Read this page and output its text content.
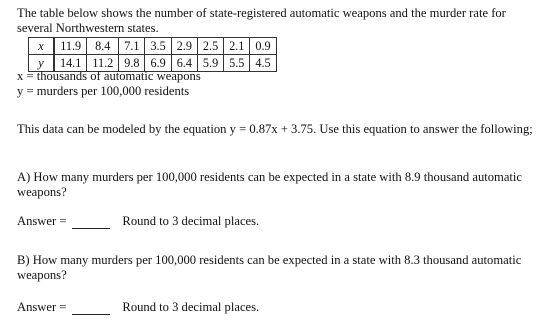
The table below shows the number of state-registered automatic weapons and the murder rate for several Northwestern states.
x	11.9	8.4	7.1	3.5	2.9	2.5	2.1	0.9
y	14.1	11.2	9.8	6.9	6.4	5.9	5.5	4.5
x = thousands of automatic weapons
y = murders per 100,000 residents
This data can be modeled by the equation y = 0.87x + 3.75. Use this equation to answer the following;
A) How many murders per 100,000 residents can be expected in a state with 8.9 thousand automatic weapons?
Answer =	Round to 3 decimal places.
B) How many murders per 100,000 residents can be expected in a state with 8.3 thousand automatic weapons?
Answer =	Round to 3 decimal places.
